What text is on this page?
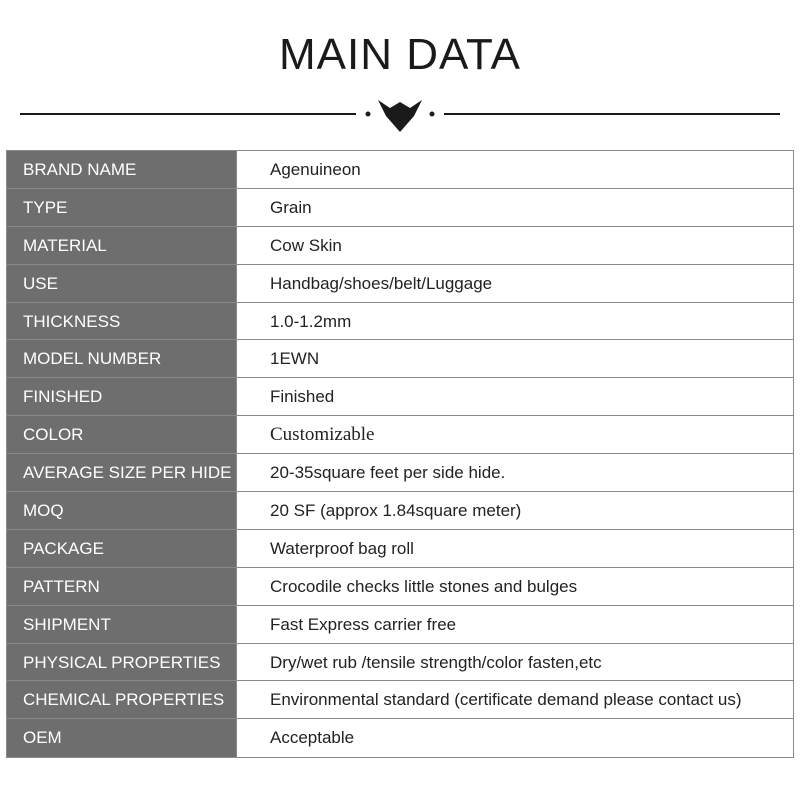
MAIN DATA
BRAND NAME	Agenuineon
TYPE	Grain
MATERIAL	Cow Skin
USE	Handbag/shoes/belt/Luggage
THICKNESS	1.0-1.2mm
MODEL NUMBER	1EWN
FINISHED	Finished
COLOR	Customizable
AVERAGE SIZE PER HIDE	20-35square feet per side hide.
MOQ	20 SF (approx 1.84square meter)
PACKAGE	Waterproof bag roll
PATTERN	Crocodile checks little stones and bulges
SHIPMENT	Fast Express carrier free
PHYSICAL PROPERTIES	Dry/wet rub /tensile strength/color fasten,etc
CHEMICAL PROPERTIES	Environmental standard (certificate demand please contact us)
OEM	Acceptable
